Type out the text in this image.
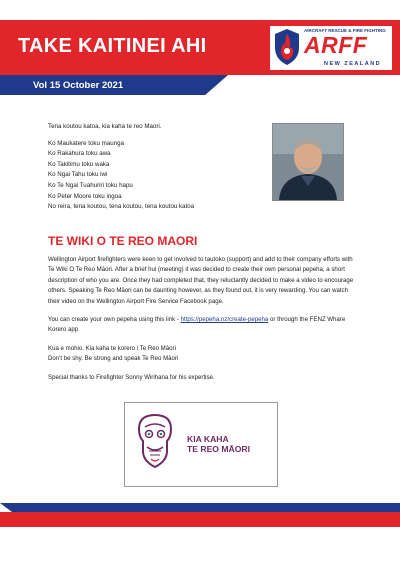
TAKE KAITINEI AHI
Vol 15 October 2021
AIRCRAFT RESCUE & FIRE FIGHTING
ARFF
NEW ZEALAND
Tena koutou katoa, kia kaha te reo Maori.
Ko Maukatere toku maunga
Ko Rakahura toku awa
Ko Takitimu toku waka
Ko Ngai Tahu toku iwi
Ko Te Ngai Tuahuriri toku hapu
Ko Peter Moore toku ingoa
No reira, tena koutou, tena koutou, tena koutou katoa
TE WIKI O TE REO MAORI

Wellington Airport firefighters were keen to get involved to tautoko (support) and add to their company efforts with Te Wiki O Te Reo Māori. After a brief hui (meeting) it was decided to create their own personal pepeha, a short description of who you are. Once they had completed that, they reluctantly decided to make a video to encourage others. Speaking Te Reo Māori can be daunting however, as they found out, it is very rewarding. You can watch their video on the Wellington Airport Fire Service Facebook page.

You can create your own pepeha using this link - https://pepeha.nz/create-pepeha or through the FENZ Whare Korero app

Kua e mohio. Kia kaha te korero i Te Reo Māori
Don't be shy. Be strong and speak Te Reo Māori

Special thanks to Firefighter Sonny Wirihana for his expertise.

KIA KAHA
TE REO MĀORI
